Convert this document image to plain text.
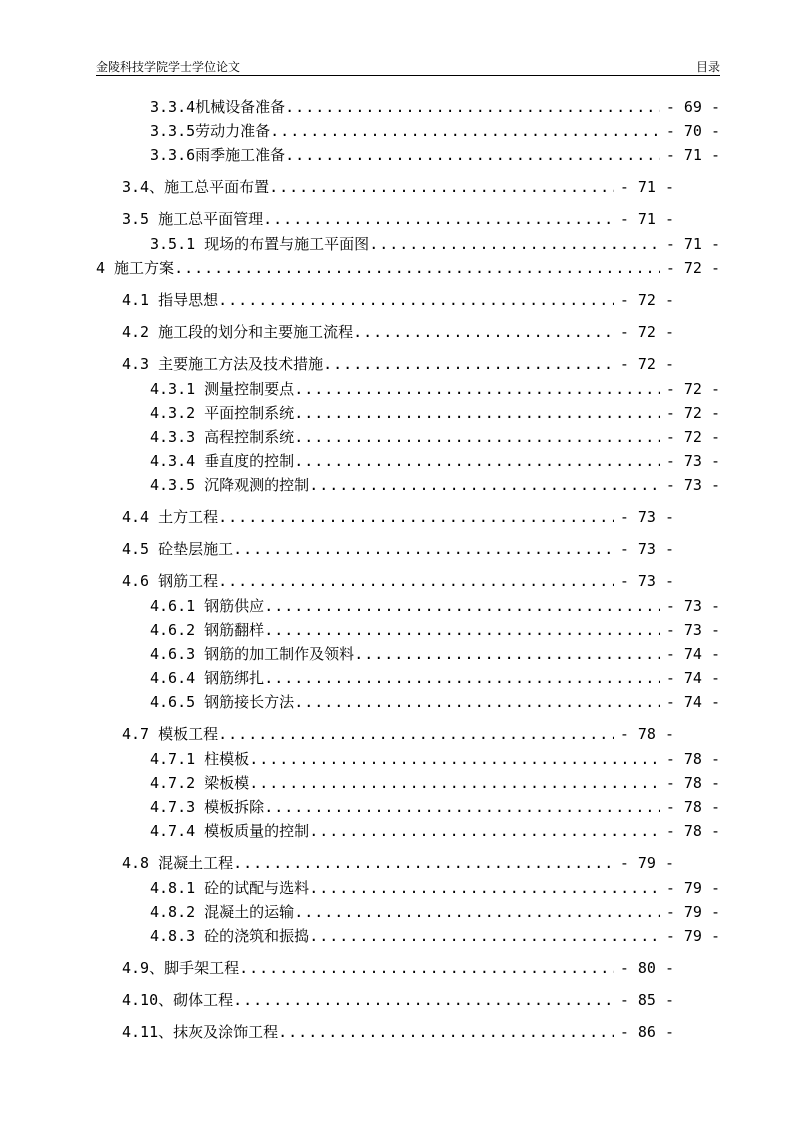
金陵科技学院学士学位论文	目录
3.3.4机械设备准备 .....	- 69 -
3.3.5劳动力准备 .....	- 70 -
3.3.6雨季施工准备 .....	- 71 -
3.4、施工总平面布置 .....	- 71 -
3.5 施工总平面管理 .....	- 71 -
3.5.1 现场的布置与施工平面图 .....	- 71 -
4 施工方案 .....	- 72 -
4.1 指导思想 .....	- 72 -
4.2 施工段的划分和主要施工流程 .....	- 72 -
4.3 主要施工方法及技术措施 .....	- 72 -
4.3.1 测量控制要点 .....	- 72 -
4.3.2 平面控制系统 .....	- 72 -
4.3.3 高程控制系统 .....	- 72 -
4.3.4 垂直度的控制 .....	- 73 -
4.3.5 沉降观测的控制 .....	- 73 -
4.4 土方工程 .....	- 73 -
4.5 砼垫层施工 .....	- 73 -
4.6 钢筋工程 .....	- 73 -
4.6.1 钢筋供应 .....	- 73 -
4.6.2 钢筋翻样 .....	- 73 -
4.6.3 钢筋的加工制作及领料 .....	- 74 -
4.6.4 钢筋绑扎 .....	- 74 -
4.6.5 钢筋接长方法 .....	- 74 -
4.7 模板工程 .....	- 78 -
4.7.1 柱模板 .....	- 78 -
4.7.2 梁板模 .....	- 78 -
4.7.3 模板拆除 .....	- 78 -
4.7.4 模板质量的控制 .....	- 78 -
4.8 混凝土工程 .....	- 79 -
4.8.1 砼的试配与选料 .....	- 79 -
4.8.2 混凝土的运输 .....	- 79 -
4.8.3 砼的浇筑和振捣 .....	- 79 -
4.9、脚手架工程 .....	- 80 -
4.10、砌体工程 .....	- 85 -
4.11、抹灰及涂饰工程 .....	- 86 -
